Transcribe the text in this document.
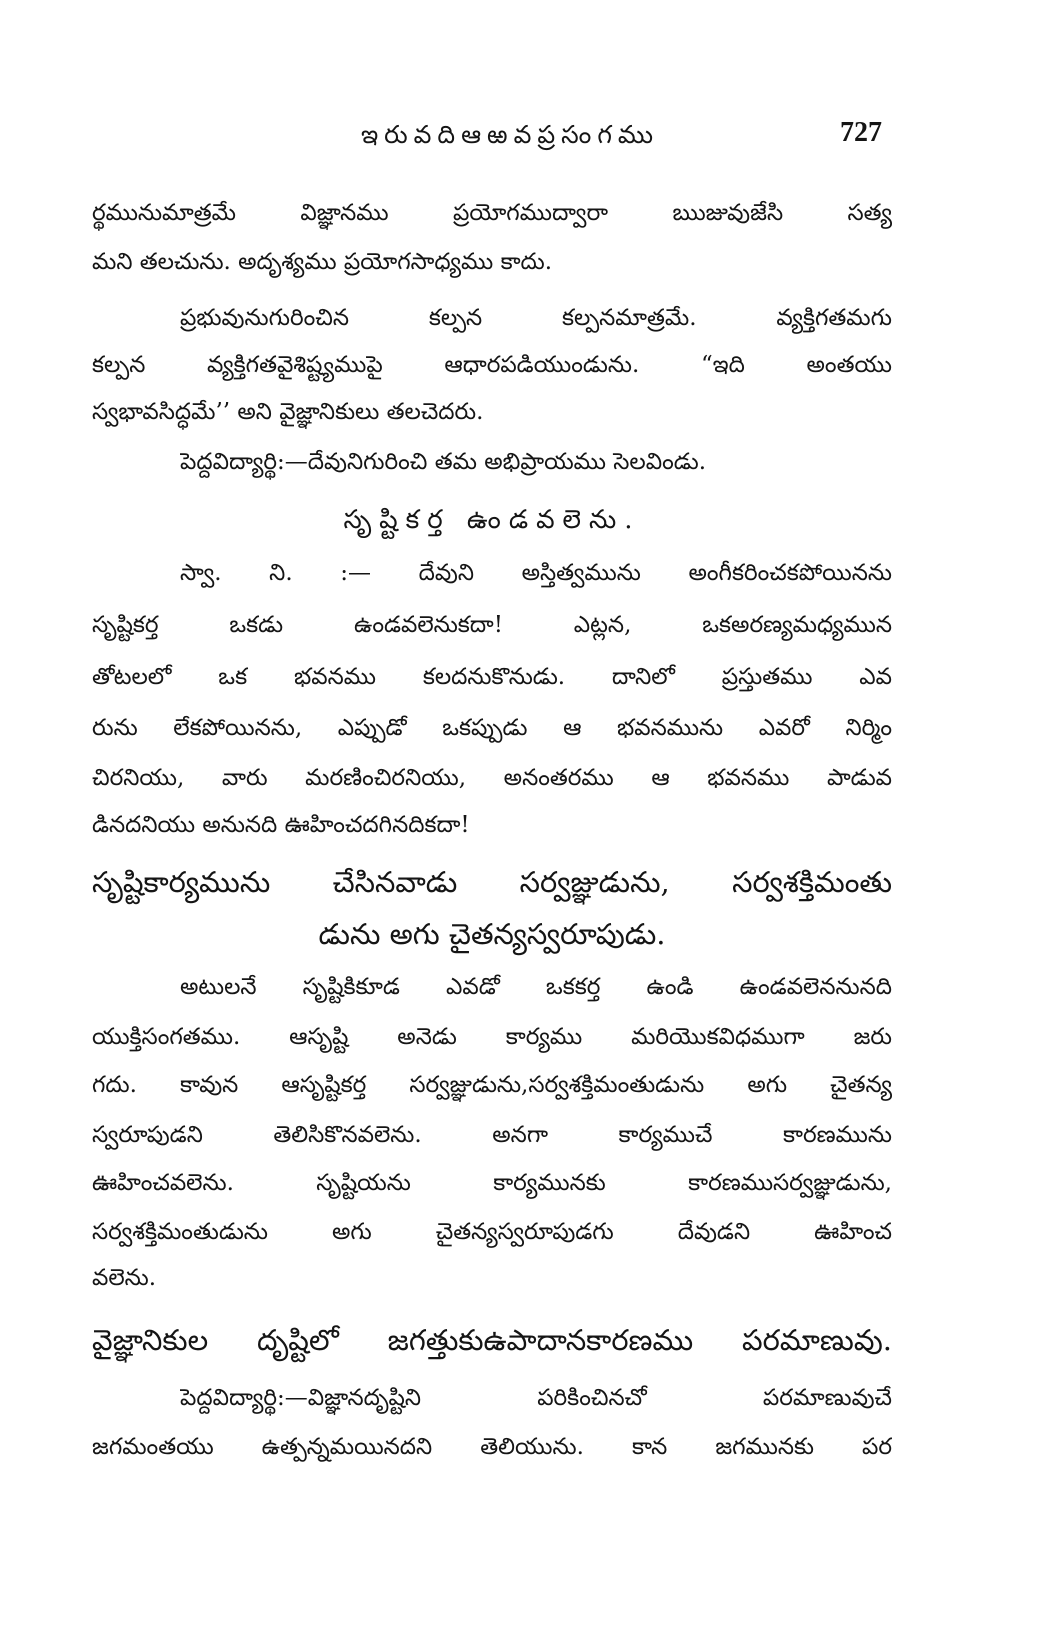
ఇరువదిఆఱవప్రసంగము	727
ర్థమునుమాత్రమే విజ్ఞానము ప్రయోగముద్వారా ఋజువుజేసి సత్య
మని తలచును. అదృశ్యము ప్రయోగసాధ్యము కాదు.
ప్రభువునుగురించిన కల్పన కల్పనమాత్రమే. వ్యక్తిగతమగు
కల్పన వ్యక్తిగతవైశిష్ట్యముపై ఆధారపడియుండును. “ఇది అంతయు
స్వభావసిద్ధమే’’ అని వైజ్ఞానికులు తలచెదరు.
పెద్దవిద్యార్థి:—దేవునిగురించి తమ అభిప్రాయము సెలవిండు.
సృష్టికర్త ఉండవలెను.
స్వా. ని. :— దేవుని అస్తిత్వమును అంగీకరించకపోయినను
సృష్టికర్త ఒకడు ఉండవలెనుకదా! ఎట్లన, ఒకఅరణ్యమధ్యమున
తోటలలో ఒక భవనము కలదనుకొనుడు. దానిలో ప్రస్తుతము ఎవ
రును లేకపోయినను, ఎప్పుడో ఒకప్పుడు ఆ భవనమును ఎవరో నిర్మిం
చిరనియు, వారు మరణించిరనియు, అనంతరము ఆ భవనము పాడువ
డినదనియు అనునది ఊహించదగినదికదా!
సృష్టికార్యమును చేసినవాడు సర్వజ్ఞుడును, సర్వశక్తిమంతు
డును అగు చైతన్యస్వరూపుడు.
అటులనే సృష్టికికూడ ఎవడో ఒకకర్త ఉండి ఉండవలెననునది
యుక్తిసంగతము. ఆసృష్టి అనెడు కార్యము మరియొకవిధముగా జరు
గదు. కావున ఆసృష్టికర్త సర్వజ్ఞుడును,సర్వశక్తిమంతుడును అగు చైతన్య
స్వరూపుడని తెలిసికొనవలెను. అనగా కార్యముచే కారణమును
ఊహించవలెను. సృష్టియను కార్యమునకు కారణముసర్వజ్ఞుడును,
సర్వశక్తిమంతుడును అగు చైతన్యస్వరూపుడగు దేవుడని ఊహించ
వలెను.
వైజ్ఞానికుల దృష్టిలో జగత్తుకుఉపాదానకారణము పరమాణువు.
పెద్దవిద్యార్థి:—విజ్ఞానదృష్టిని పరికించినచో పరమాణువుచే
జగమంతయు ఉత్పన్నమయినదని తెలియును. కాన జగమునకు పర
